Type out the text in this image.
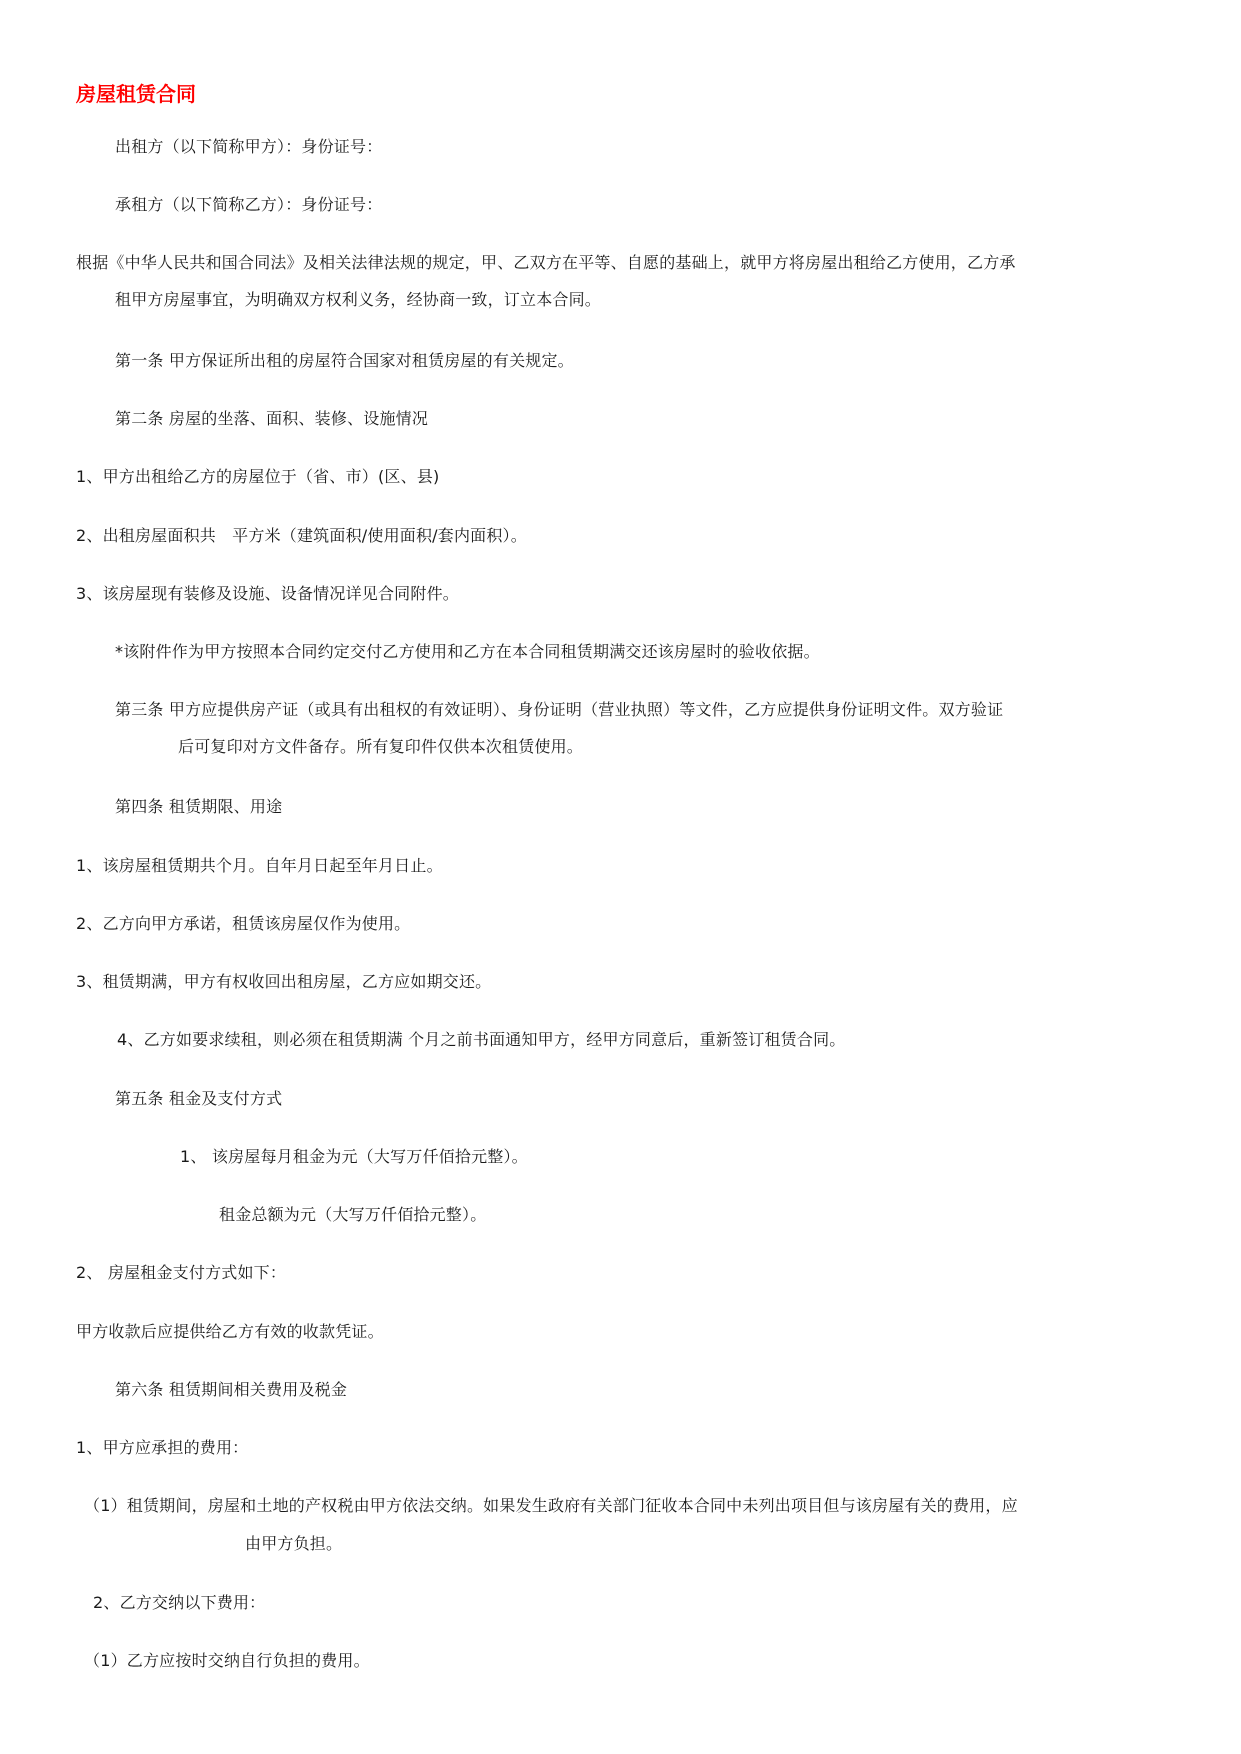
房屋租赁合同
出租方（以下简称甲方）：身份证号：
承租方（以下简称乙方）：身份证号：
根据《中华人民共和国合同法》及相关法律法规的规定，甲、乙双方在平等、自愿的基础上，就甲方将房屋出租给乙方使用，乙方承
租甲方房屋事宜，为明确双方权利义务，经协商一致，订立本合同。
第一条 甲方保证所出租的房屋符合国家对租赁房屋的有关规定。
第二条 房屋的坐落、面积、装修、设施情况
1、甲方出租给乙方的房屋位于（省、市）(区、县)
2、出租房屋面积共　平方米（建筑面积/使用面积/套内面积）。
3、该房屋现有装修及设施、设备情况详见合同附件。
*该附件作为甲方按照本合同约定交付乙方使用和乙方在本合同租赁期满交还该房屋时的验收依据。
第三条 甲方应提供房产证（或具有出租权的有效证明）、身份证明（营业执照）等文件，乙方应提供身份证明文件。双方验证
后可复印对方文件备存。所有复印件仅供本次租赁使用。
第四条 租赁期限、用途
1、该房屋租赁期共个月。自年月日起至年月日止。
2、乙方向甲方承诺，租赁该房屋仅作为使用。
3、租赁期满，甲方有权收回出租房屋，乙方应如期交还。
4、乙方如要求续租，则必须在租赁期满 个月之前书面通知甲方，经甲方同意后，重新签订租赁合同。
第五条 租金及支付方式
1、 该房屋每月租金为元（大写万仟佰拾元整）。
租金总额为元（大写万仟佰拾元整）。
2、 房屋租金支付方式如下：
甲方收款后应提供给乙方有效的收款凭证。
第六条 租赁期间相关费用及税金
1、甲方应承担的费用：
（1）租赁期间，房屋和土地的产权税由甲方依法交纳。如果发生政府有关部门征收本合同中未列出项目但与该房屋有关的费用，应
由甲方负担。
2、乙方交纳以下费用：
（1）乙方应按时交纳自行负担的费用。
